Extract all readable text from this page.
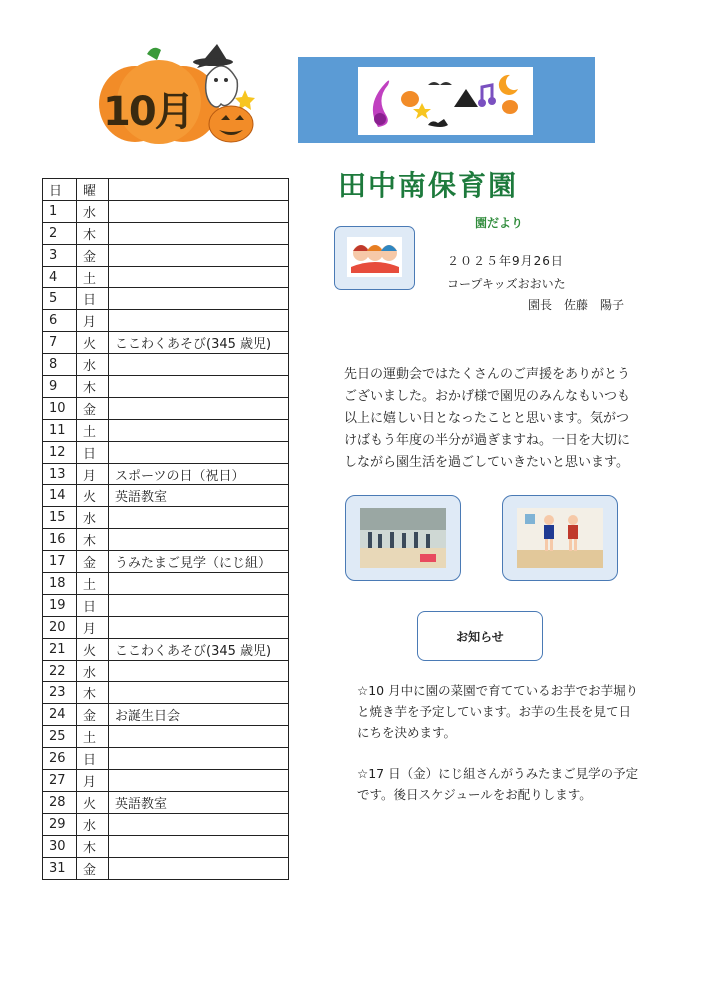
10月
日	曜	
1	水	
2	木	
3	金	
4	土	
5	日	
6	月	
7	火	ここわくあそび(345 歳児)
8	水	
9	木	
10	金	
11	土	
12	日	
13	月	スポーツの日（祝日）
14	火	英語教室
15	水	
16	木	
17	金	うみたまご見学（にじ組）
18	土	
19	日	
20	月	
21	火	ここわくあそび(345 歳児)
22	水	
23	木	
24	金	お誕生日会
25	土	
26	日	
27	月	
28	火	英語教室
29	水	
30	木	
31	金	
田中南保育園
園だより
２０２５年9月26日
コープキッズおおいた
園長　佐藤　陽子
先日の運動会ではたくさんのご声援をありがとうございました。おかげ様で園児のみんなもいつも以上に嬉しい日となったことと思います。気がつけばもう年度の半分が過ぎますね。一日を大切にしながら園生活を過ごしていきたいと思います。
お知らせ
☆10 月中に園の菜園で育てているお芋でお芋堀りと焼き芋を予定しています。お芋の生長を見て日にちを決めます。
☆17 日（金）にじ組さんがうみたまご見学の予定です。後日スケジュールをお配りします。
